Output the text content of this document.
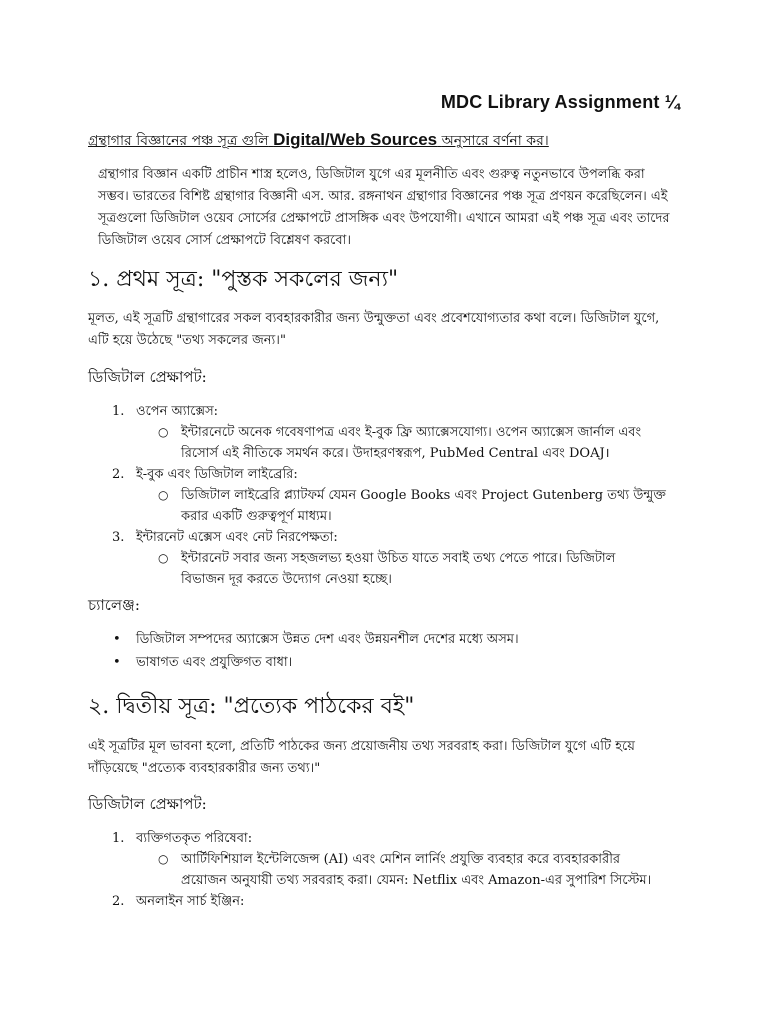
MDC Library Assignment ¼
গ্রন্থাগার বিজ্ঞানের পঞ্চ সূত্র গুলি Digital/Web Sources অনুসারে বর্ণনা কর।
গ্রন্থাগার বিজ্ঞান একটি প্রাচীন শাস্ত্র হলেও, ডিজিটাল যুগে এর মূলনীতি এবং গুরুত্ব নতুনভাবে উপলব্ধি করা
সম্ভব। ভারতের বিশিষ্ট গ্রন্থাগার বিজ্ঞানী এস. আর. রঙ্গনাথন গ্রন্থাগার বিজ্ঞানের পঞ্চ সূত্র প্রণয়ন করেছিলেন। এই
সূত্রগুলো ডিজিটাল ওয়েব সোর্সের প্রেক্ষাপটে প্রাসঙ্গিক এবং উপযোগী। এখানে আমরা এই পঞ্চ সূত্র এবং তাদের
ডিজিটাল ওয়েব সোর্স প্রেক্ষাপটে বিশ্লেষণ করবো।
১. প্রথম সূত্র: "পুস্তক সকলের জন্য"
মূলত, এই সূত্রটি গ্রন্থাগারের সকল ব্যবহারকারীর জন্য উন্মুক্ততা এবং প্রবেশযোগ্যতার কথা বলে। ডিজিটাল যুগে,
এটি হয়ে উঠেছে "তথ্য সকলের জন্য।"
ডিজিটাল প্রেক্ষাপট:
1. ওপেন অ্যাক্সেস:
○ ইন্টারনেটে অনেক গবেষণাপত্র এবং ই-বুক ফ্রি অ্যাক্সেসযোগ্য। ওপেন অ্যাক্সেস জার্নাল এবং
রিসোর্স এই নীতিকে সমর্থন করে। উদাহরণস্বরূপ, PubMed Central এবং DOAJ।
2. ই-বুক এবং ডিজিটাল লাইব্রেরি:
○ ডিজিটাল লাইব্রেরি প্ল্যাটফর্ম যেমন Google Books এবং Project Gutenberg তথ্য উন্মুক্ত
করার একটি গুরুত্বপূর্ণ মাধ্যম।
3. ইন্টারনেট এক্সেস এবং নেট নিরপেক্ষতা:
○ ইন্টারনেট সবার জন্য সহজলভ্য হওয়া উচিত যাতে সবাই তথ্য পেতে পারে। ডিজিটাল
বিভাজন দূর করতে উদ্যোগ নেওয়া হচ্ছে।
চ্যালেঞ্জ:
• ডিজিটাল সম্পদের অ্যাক্সেস উন্নত দেশ এবং উন্নয়নশীল দেশের মধ্যে অসম।
• ভাষাগত এবং প্রযুক্তিগত বাধা।
২. দ্বিতীয় সূত্র: "প্রত্যেক পাঠকের বই"
এই সূত্রটির মূল ভাবনা হলো, প্রতিটি পাঠকের জন্য প্রয়োজনীয় তথ্য সরবরাহ করা। ডিজিটাল যুগে এটি হয়ে
দাঁড়িয়েছে "প্রত্যেক ব্যবহারকারীর জন্য তথ্য।"
ডিজিটাল প্রেক্ষাপট:
1. ব্যক্তিগতকৃত পরিষেবা:
○ আর্টিফিশিয়াল ইন্টেলিজেন্স (AI) এবং মেশিন লার্নিং প্রযুক্তি ব্যবহার করে ব্যবহারকারীর
প্রয়োজন অনুযায়ী তথ্য সরবরাহ করা। যেমন: Netflix এবং Amazon-এর সুপারিশ সিস্টেম।
2. অনলাইন সার্চ ইঞ্জিন:
